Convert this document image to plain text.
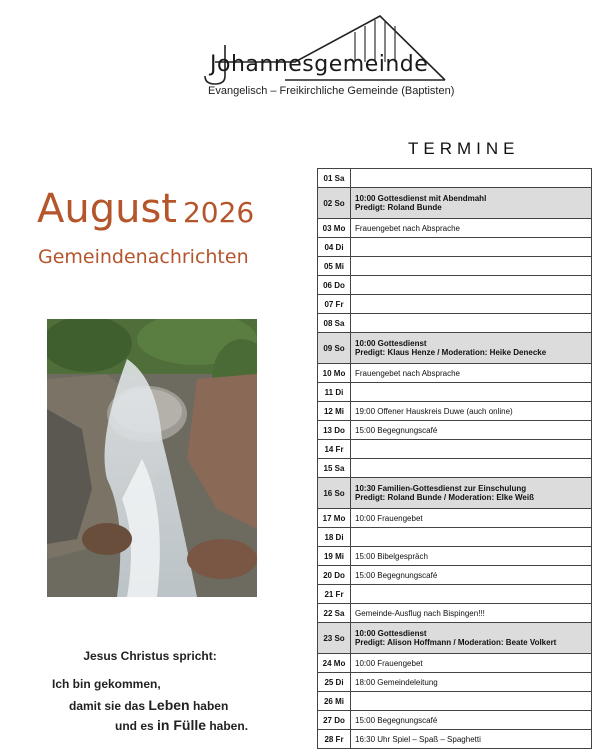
Johannesgemeinde
Evangelisch – Freikirchliche Gemeinde (Baptisten)
August 2026
Gemeindenachrichten
Jesus Christus spricht:
Ich bin gekommen,
damit sie das Leben haben
und es in Fülle haben.
TERMINE
01 Sa
02 So	10:00 Gottesdienst mit Abendmahl
Predigt: Roland Bunde
03 Mo	Frauengebet nach Absprache
04 Di
05 Mi
06 Do
07 Fr
08 Sa
09 So	10:00 Gottesdienst
Predigt: Klaus Henze / Moderation: Heike Denecke
10 Mo	Frauengebet nach Absprache
11 Di
12 Mi	19:00 Offener Hauskreis Duwe (auch online)
13 Do	15:00 Begegnungscafé
14 Fr
15 Sa
16 So	10:30 Familien-Gottesdienst zur Einschulung
Predigt: Roland Bunde / Moderation: Elke Weiß
17 Mo	10:00 Frauengebet
18 Di
19 Mi	15:00 Bibelgespräch
20 Do	15:00 Begegnungscafé
21 Fr
22 Sa	Gemeinde-Ausflug nach Bispingen!!!
23 So	10:00 Gottesdienst
Predigt: Alison Hoffmann / Moderation: Beate Volkert
24 Mo	10:00 Frauengebet
25 Di	18:00 Gemeindeleitung
26 Mi
27 Do	15:00 Begegnungscafé
28 Fr	16:30 Uhr Spiel – Spaß – Spaghetti
